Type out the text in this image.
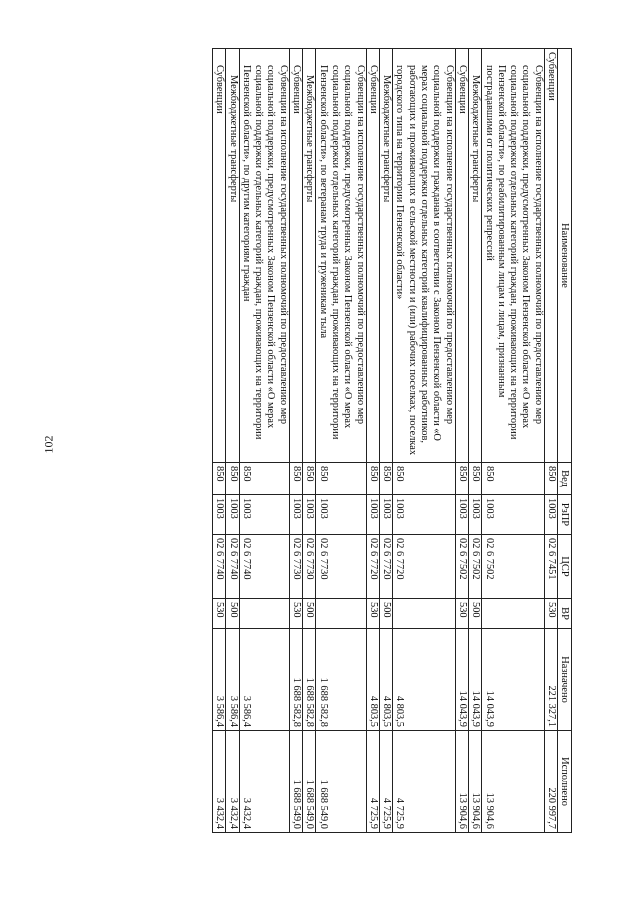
102
Наименование	Вед	РзПР	ЦСР	ВР	Назначено	Исполнено
Субвенции	850	1003	02 6 7451	530	221 327,1	220 997,7
Субвенции на исполнение государственных полномочий по предоставлению мер социальной поддержки, предусмотренных Законом Пензенской области «О мерах социальной поддержки отдельных категорий граждан, проживающих на территории Пензенской области», по реабилитированным лицам и лицам, признанным пострадавшими от политических репрессий	850	1003	02 6 7502		14 043,9	13 904,6
Межбюджетные трансферты	850	1003	02 6 7502	500	14 043,9	13 904,6
Субвенции	850	1003	02 6 7502	530	14 043,9	13 904,6
Субвенции на исполнение государственных полномочий по предоставлению мер социальной поддержки гражданам в соответствии с Законом Пензенской области «О мерах социальной поддержки отдельных категорий квалифицированных работников, работающих и проживающих в сельской местности и (или) рабочих поселках, поселках городского типа на территории Пензенской области»	850	1003	02 6 7720		4 803,5	4 725,9
Межбюджетные трансферты	850	1003	02 6 7720	500	4 803,5	4 725,9
Субвенции	850	1003	02 6 7720	530	4 803,5	4 725,9
Субвенции на исполнение государственных полномочий по предоставлению мер социальной поддержки, предусмотренных Законом Пензенской области «О мерах социальной поддержки отдельных категорий граждан, проживающих на территории Пензенской области», по ветеранам труда и труженикам тыла	850	1003	02 6 7730		1 688 582,8	1 688 549,0
Межбюджетные трансферты	850	1003	02 6 7730	500	1 688 582,8	1 688 549,0
Субвенции	850	1003	02 6 7730	530	1 688 582,8	1 688 549,0
Субвенции на исполнение государственных полномочий по предоставлению мер социальной поддержки, предусмотренных Законом Пензенской области «О мерах социальной поддержки отдельных категорий граждан, проживающих на территории Пензенской области», по другим категориям граждан	850	1003	02 6 7740		3 586,4	3 432,4
Межбюджетные трансферты	850	1003	02 6 7740	500	3 586,4	3 432,4
Субвенции	850	1003	02 6 7740	530	3 586,4	3 432,4
